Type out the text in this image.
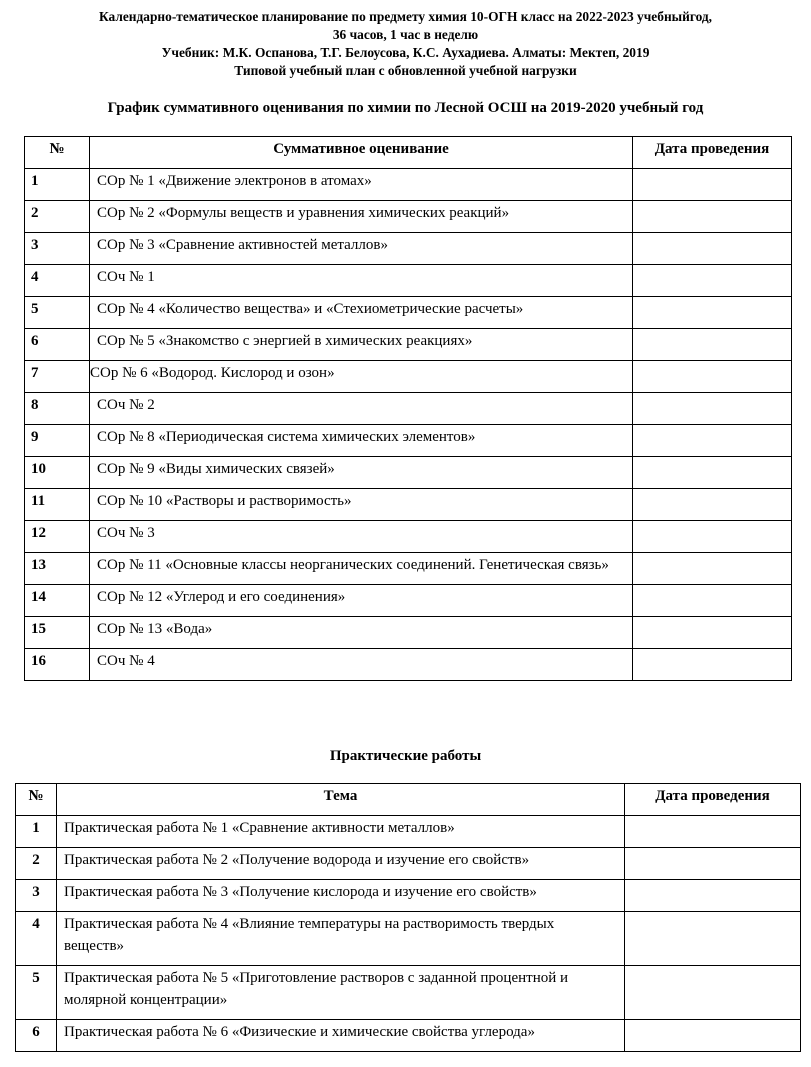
Календарно-тематическое планирование по предмету химия 10-ОГН класс на 2022-2023 учебныйгод,
36 часов, 1 час в неделю
Учебник: М.К. Оспанова, Т.Г. Белоусова, К.С. Аухадиева. Алматы: Мектеп, 2019
Типовой учебный план с обновленной учебной нагрузки
График суммативного оценивания по химии по Лесной ОСШ на 2019-2020 учебный год
№	Суммативное оценивание	Дата проведения
1	СОр № 1 «Движение электронов в атомах»	
2	СОр № 2 «Формулы веществ и уравнения химических реакций»	
3	СОр № 3 «Сравнение активностей металлов»	
4	СОч № 1	
5	СОр № 4 «Количество вещества» и «Стехиометрические расчеты»	
6	СОр № 5 «Знакомство с энергией в химических реакциях»	
7	СОр № 6 «Водород. Кислород и озон»	
8	СОч № 2	
9	СОр № 8 «Периодическая система химических элементов»	
10	СОр № 9 «Виды химических связей»	
11	СОр № 10 «Растворы и растворимость»	
12	СОч № 3	
13	СОр № 11 «Основные классы неорганических соединений. Генетическая связь»	
14	СОр № 12 «Углерод и его соединения»	
15	СОр № 13 «Вода»	
16	СОч № 4	
Практические работы
№	Тема	Дата проведения
1	Практическая работа № 1 «Сравнение активности металлов»	
2	Практическая работа № 2 «Получение водорода и изучение его свойств»	
3	Практическая работа № 3 «Получение кислорода и изучение его свойств»	
4	Практическая работа № 4 «Влияние температуры на растворимость твердых веществ»	
5	Практическая работа № 5 «Приготовление растворов с заданной процентной и молярной концентрации»	
6	Практическая работа № 6 «Физические и химические свойства углерода»	
